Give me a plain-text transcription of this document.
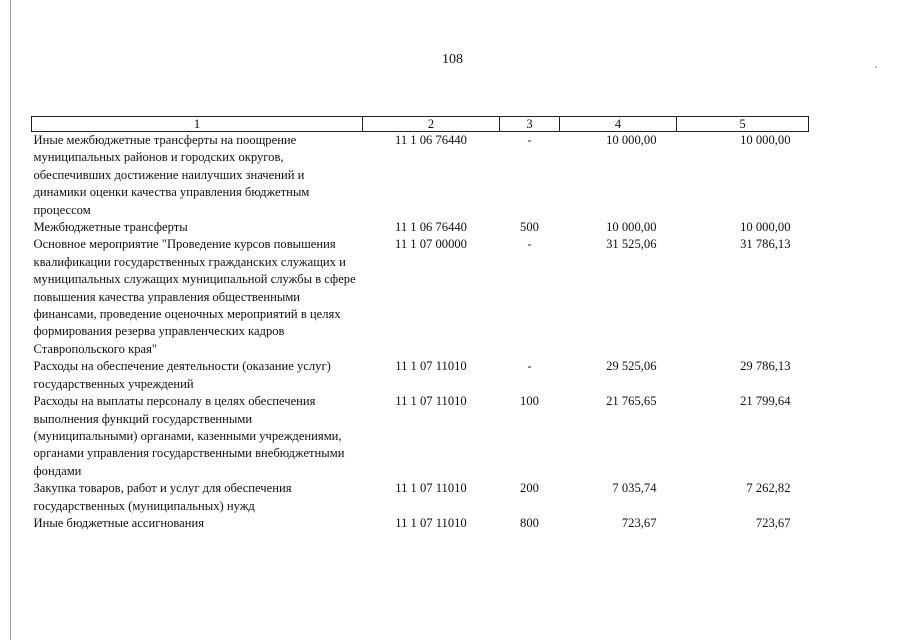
108
1	2	3	4	5
Иные межбюджетные трансферты на поощрение муниципальных районов и городских округов, обеспечивших достижение наилучших значений и динамики оценки качества управления бюджетным процессом	11 1 06 76440	-	10 000,00	10 000,00
Межбюджетные трансферты	11 1 06 76440	500	10 000,00	10 000,00
Основное мероприятие "Проведение курсов повышения квалификации государственных гражданских служащих и муниципальных служащих муниципальной службы в сфере повышения качества управления общественными финансами, проведение оценочных мероприятий в целях формирования резерва управленческих кадров Ставропольского края"	11 1 07 00000	-	31 525,06	31 786,13
Расходы на обеспечение деятельности (оказание услуг) государственных учреждений	11 1 07 11010	-	29 525,06	29 786,13
Расходы на выплаты персоналу в целях обеспечения выполнения функций государственными (муниципальными) органами, казенными учреждениями, органами управления государственными внебюджетными фондами	11 1 07 11010	100	21 765,65	21 799,64
Закупка товаров, работ и услуг для обеспечения государственных (муниципальных) нужд	11 1 07 11010	200	7 035,74	7 262,82
Иные бюджетные ассигнования	11 1 07 11010	800	723,67	723,67
